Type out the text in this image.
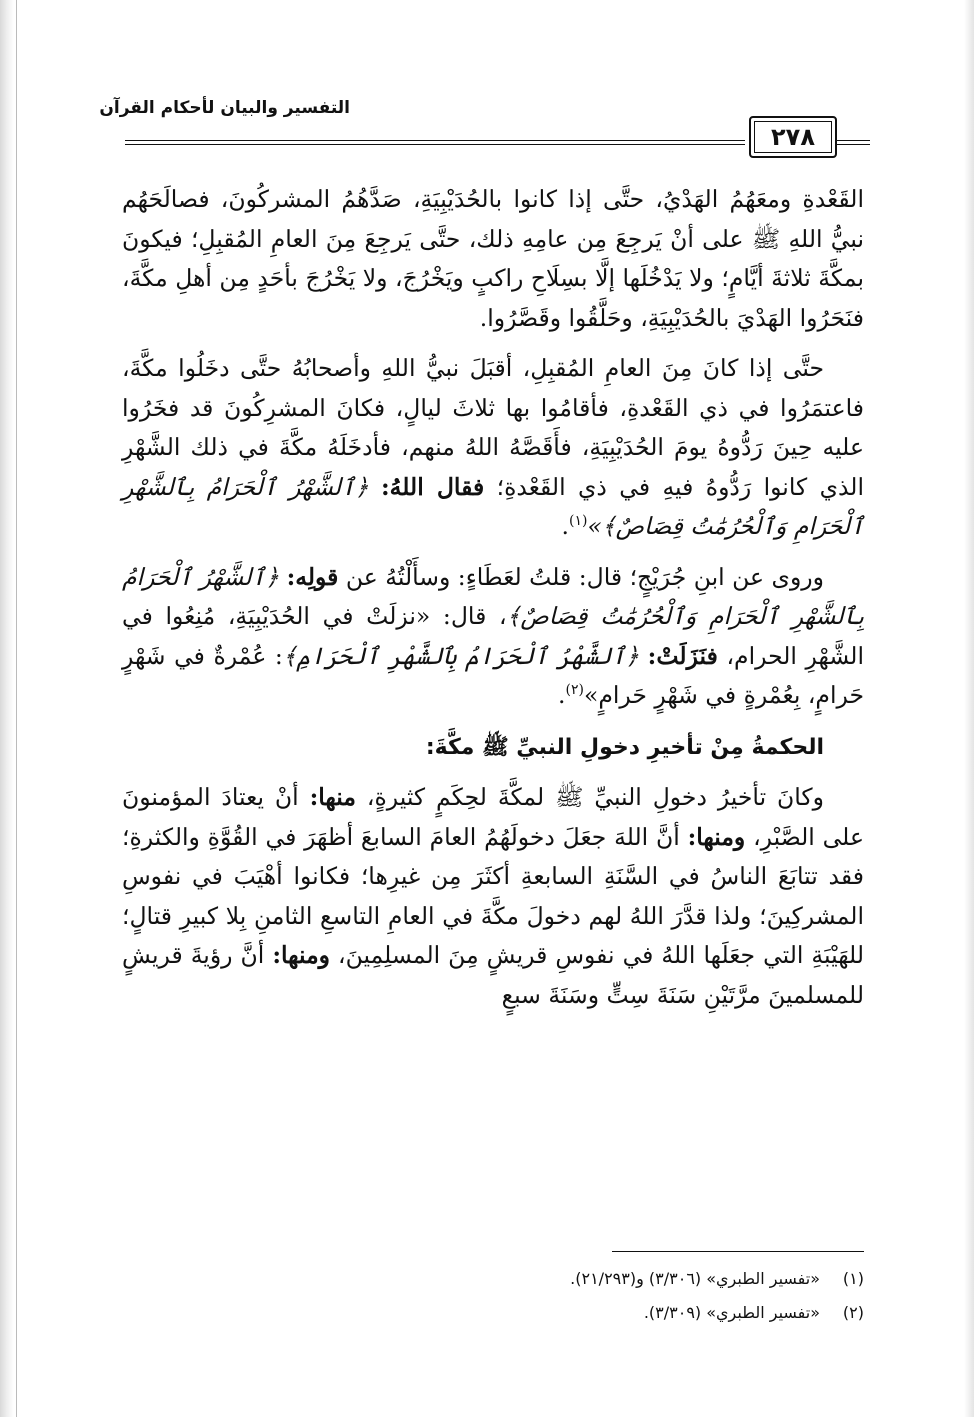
التفسير والبيان لأحكام القرآن
٢٧٨

القَعْدةِ ومعَهُمُ الهَدْيُ، حتَّى إذا كانوا بالحُدَيْبِيَةِ، صَدَّهُمُ المشركُونَ، فصالَحَهُم نبيُّ اللهِ ﷺ على أنْ يَرجِعَ مِن عامِهِ ذلك، حتَّى يَرجِعَ مِنَ العامِ المُقبِلِ؛ فيكونَ بمكَّةَ ثلاثةَ أيَّامٍ؛ ولا يَدْخُلَها إلَّا بسِلَاحِ راكبٍ ويَخْرُجَ، ولا يَخْرُجَ بأحَدٍ مِن أهلِ مكَّةَ، فنَحَرُوا الهَدْيَ بالحُدَيْبِيَةِ، وحَلَّقُوا وقَصَّرُوا.

حتَّى إذا كانَ مِنَ العامِ المُقبِلِ، أقبَلَ نبيُّ اللهِ وأصحابُهُ حتَّى دخَلُوا مكَّةَ، فاعتمَرُوا في ذي القَعْدةِ، فأقامُوا بها ثلاثَ ليالٍ، فكانَ المشرِكُونَ قد فخَرُوا عليه حِينَ رَدُّوهُ يومَ الحُدَيْبِيَةِ، فأَقَصَّهُ اللهُ منهم، فأدخَلَهُ مكَّةَ في ذلك الشَّهْرِ الذي كانوا رَدُّوهُ فيهِ في ذي القَعْدةِ؛ فقال اللهُ: ﴿ٱلشَّهْرُ ٱلْحَرَامُ بِٱلشَّهْرِ ٱلْحَرَامِ وَٱلْحُرُمَٰتُ قِصَاصٌ﴾»$^{(١)}$.

وروى عن ابنِ جُرَيْجٍ؛ قال: قلتُ لعَطَاءٍ: وسأَلْتُهُ عن قولِه: ﴿ٱلشَّهْرُ ٱلْحَرَامُ بِٱلشَّهْرِ ٱلْحَرَامِ وَٱلْحُرُمَٰتُ قِصَاصٌ﴾، قال: «نزلَتْ في الحُدَيْبِيَةِ، مُنِعُوا في الشَّهْرِ الحرام، فنَزَلَتْ: ﴿ٱلشَّهْرُ ٱلْحَرَامُ بِٱلشَّهْرِ ٱلْحَرَامِ﴾: عُمْرةٌ في شَهْرٍ حَرامٍ، بِعُمْرةٍ في شَهْرٍ حَرامٍ»$^{(٢)}$.

الحكمةُ مِنْ تأخيرِ دخولِ النبيِّ ﷺ مكَّةَ:

وكانَ تأخيرُ دخولِ النبيِّ ﷺ لمكَّةَ لحِكَمٍ كثيرةٍ، منها: أنْ يعتادَ المؤمنونَ على الصَّبْرِ، ومنها: أنَّ اللهَ جعَلَ دخولَهُمُ العامَ السابعَ أظهَرَ في القُوَّةِ والكثرةِ؛ فقد تتابَعَ الناسُ في السَّنَةِ السابعةِ أكثَرَ مِن غيرِها؛ فكانوا أهْيَبَ في نفوسِ المشركِينَ؛ ولذا قدَّرَ اللهُ لهم دخولَ مكَّةَ في العامِ التاسعِ الثامنِ بِلا كبيرِ قتالٍ؛ للهَيْبَةِ التي جعَلَها اللهُ في نفوسِ قريشٍ مِنَ المسلِمِينَ، ومنها: أنَّ رؤيةَ قريشٍ للمسلمينَ مرَّتَيْنِ سَنَةَ سِتٍّ وسَنَةَ سبعٍ

(١)«تفسير الطبري» (٣/٣٠٦) و(٢١/٢٩٣).
(٢)«تفسير الطبري» (٣/٣٠٩).
